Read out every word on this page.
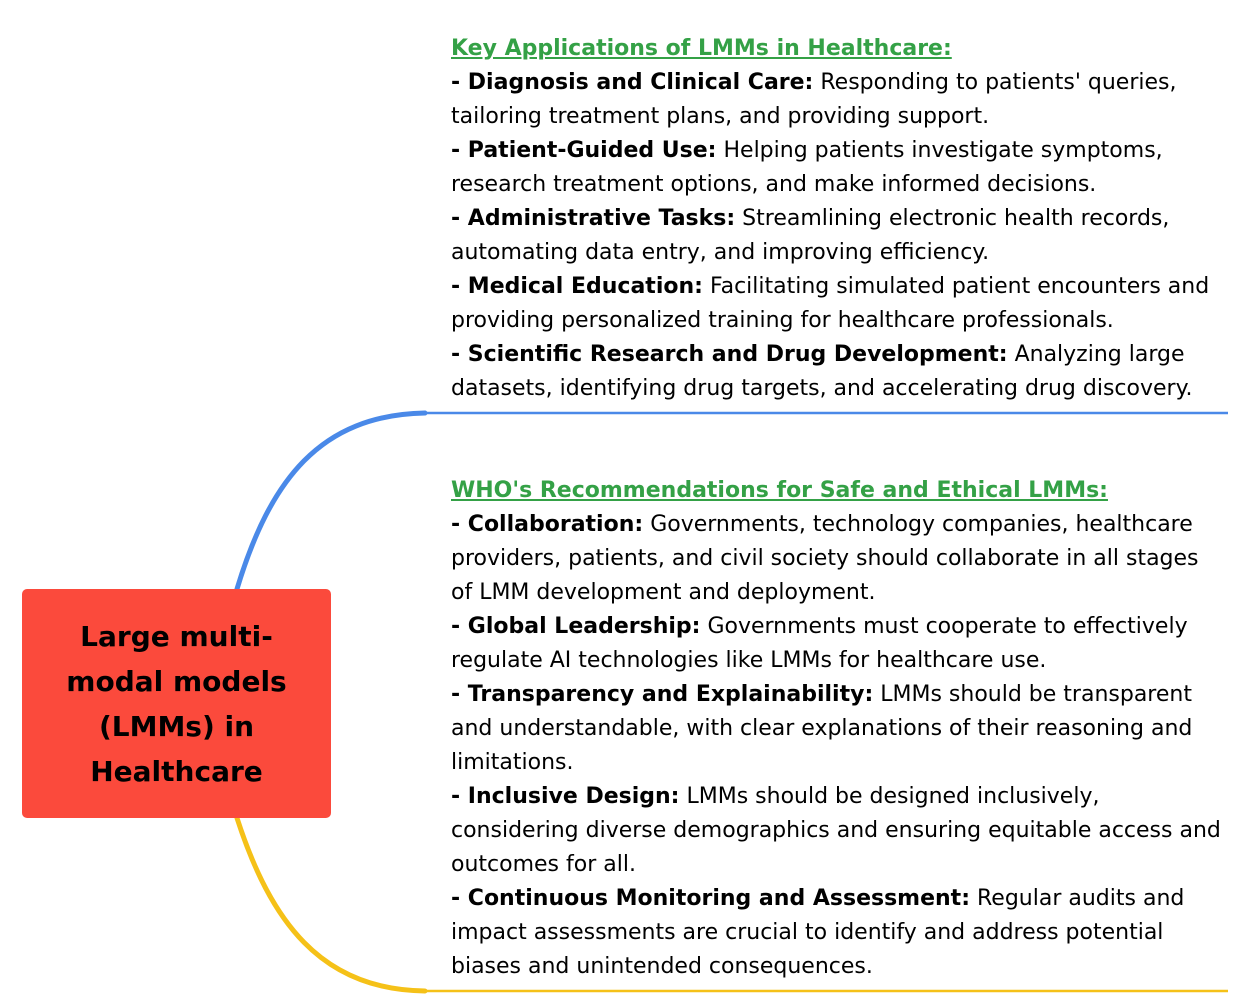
Large multi-modal models (LMMs) in Healthcare
Key Applications of LMMs in Healthcare:
- Diagnosis and Clinical Care: Responding to patients' queries, tailoring treatment plans, and providing support.
- Patient-Guided Use: Helping patients investigate symptoms, research treatment options, and make informed decisions.
- Administrative Tasks: Streamlining electronic health records, automating data entry, and improving efficiency.
- Medical Education: Facilitating simulated patient encounters and providing personalized training for healthcare professionals.
- Scientific Research and Drug Development: Analyzing large datasets, identifying drug targets, and accelerating drug discovery.
WHO's Recommendations for Safe and Ethical LMMs:
- Collaboration: Governments, technology companies, healthcare providers, patients, and civil society should collaborate in all stages of LMM development and deployment.
- Global Leadership: Governments must cooperate to effectively regulate AI technologies like LMMs for healthcare use.
- Transparency and Explainability: LMMs should be transparent and understandable, with clear explanations of their reasoning and limitations.
- Inclusive Design: LMMs should be designed inclusively, considering diverse demographics and ensuring equitable access and outcomes for all.
- Continuous Monitoring and Assessment: Regular audits and impact assessments are crucial to identify and address potential biases and unintended consequences.
